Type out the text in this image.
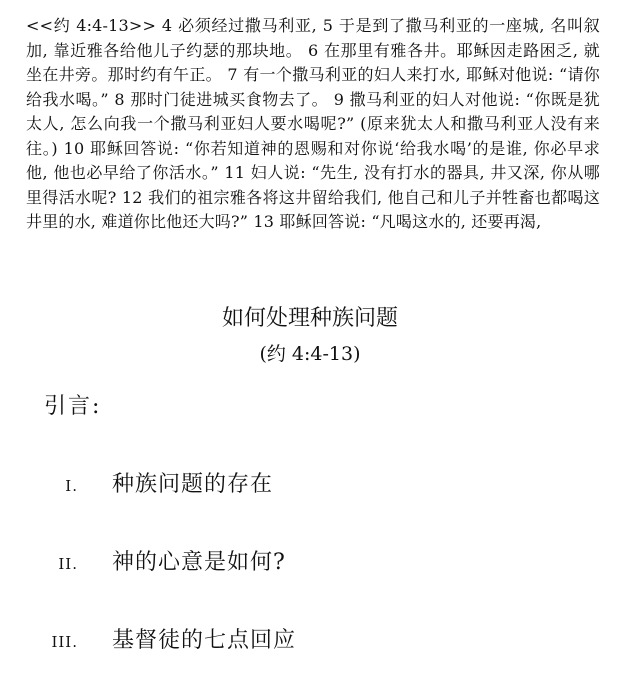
<<约 4:4-13>> 4 必须经过撒马利亚, 5 于是到了撒马利亚的一座城, 名叫叙加, 靠近雅各给他儿子约瑟的那块地。 6 在那里有雅各井。耶稣因走路困乏, 就坐在井旁。那时约有午正。 7 有一个撒马利亚的妇人来打水, 耶稣对他说: “请你给我水喝。” 8 那时门徒进城买食物去了。 9 撒马利亚的妇人对他说: “你既是犹太人, 怎么向我一个撒马利亚妇人要水喝呢?” (原来犹太人和撒马利亚人没有来往。) 10 耶稣回答说: “你若知道神的恩赐和对你说‘给我水喝’的是谁, 你必早求他, 他也必早给了你活水。” 11 妇人说: “先生, 没有打水的器具, 井又深, 你从哪里得活水呢? 12 我们的祖宗雅各将这井留给我们, 他自己和儿子并牲畜也都喝这井里的水, 难道你比他还大吗?” 13 耶稣回答说: “凡喝这水的, 还要再渴,

如何处理种族问题
(约 4:4-13)
引言:
I. 种族问题的存在
II. 神的心意是如何?
III. 基督徒的七点回应
